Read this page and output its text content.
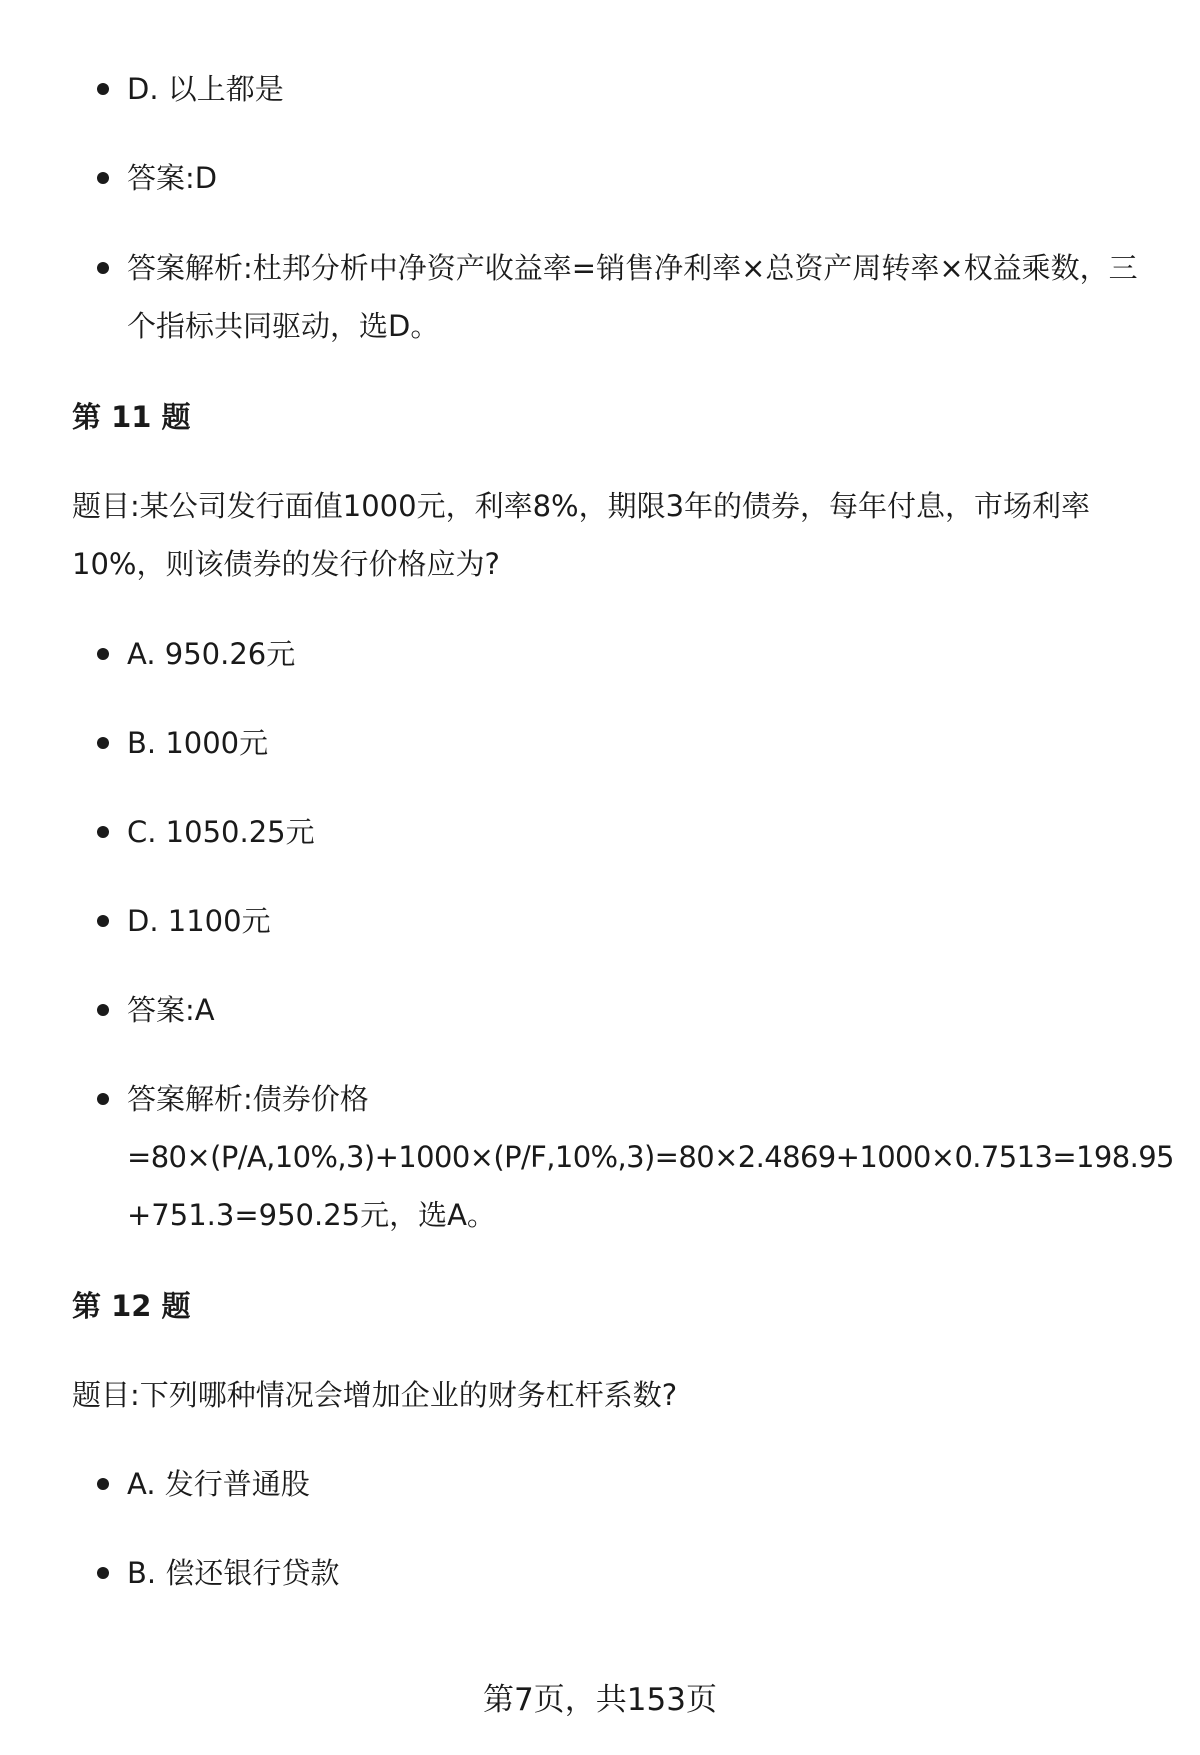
D. 以上都是
答案:D
答案解析:杜邦分析中净资产收益率=销售净利率×总资产周转率×权益乘数，三
个指标共同驱动，选D。
第 11 题
题目:某公司发行面值1000元，利率8%，期限3年的债券，每年付息，市场利率
10%，则该债券的发行价格应为?
A. 950.26元
B. 1000元
C. 1050.25元
D. 1100元
答案:A
答案解析:债券价格
=80×(P/A,10%,3)+1000×(P/F,10%,3)=80×2.4869+1000×0.7513=198.95
+751.3=950.25元，选A。
第 12 题
题目:下列哪种情况会增加企业的财务杠杆系数?
A. 发行普通股
B. 偿还银行贷款
第7页，共153页
